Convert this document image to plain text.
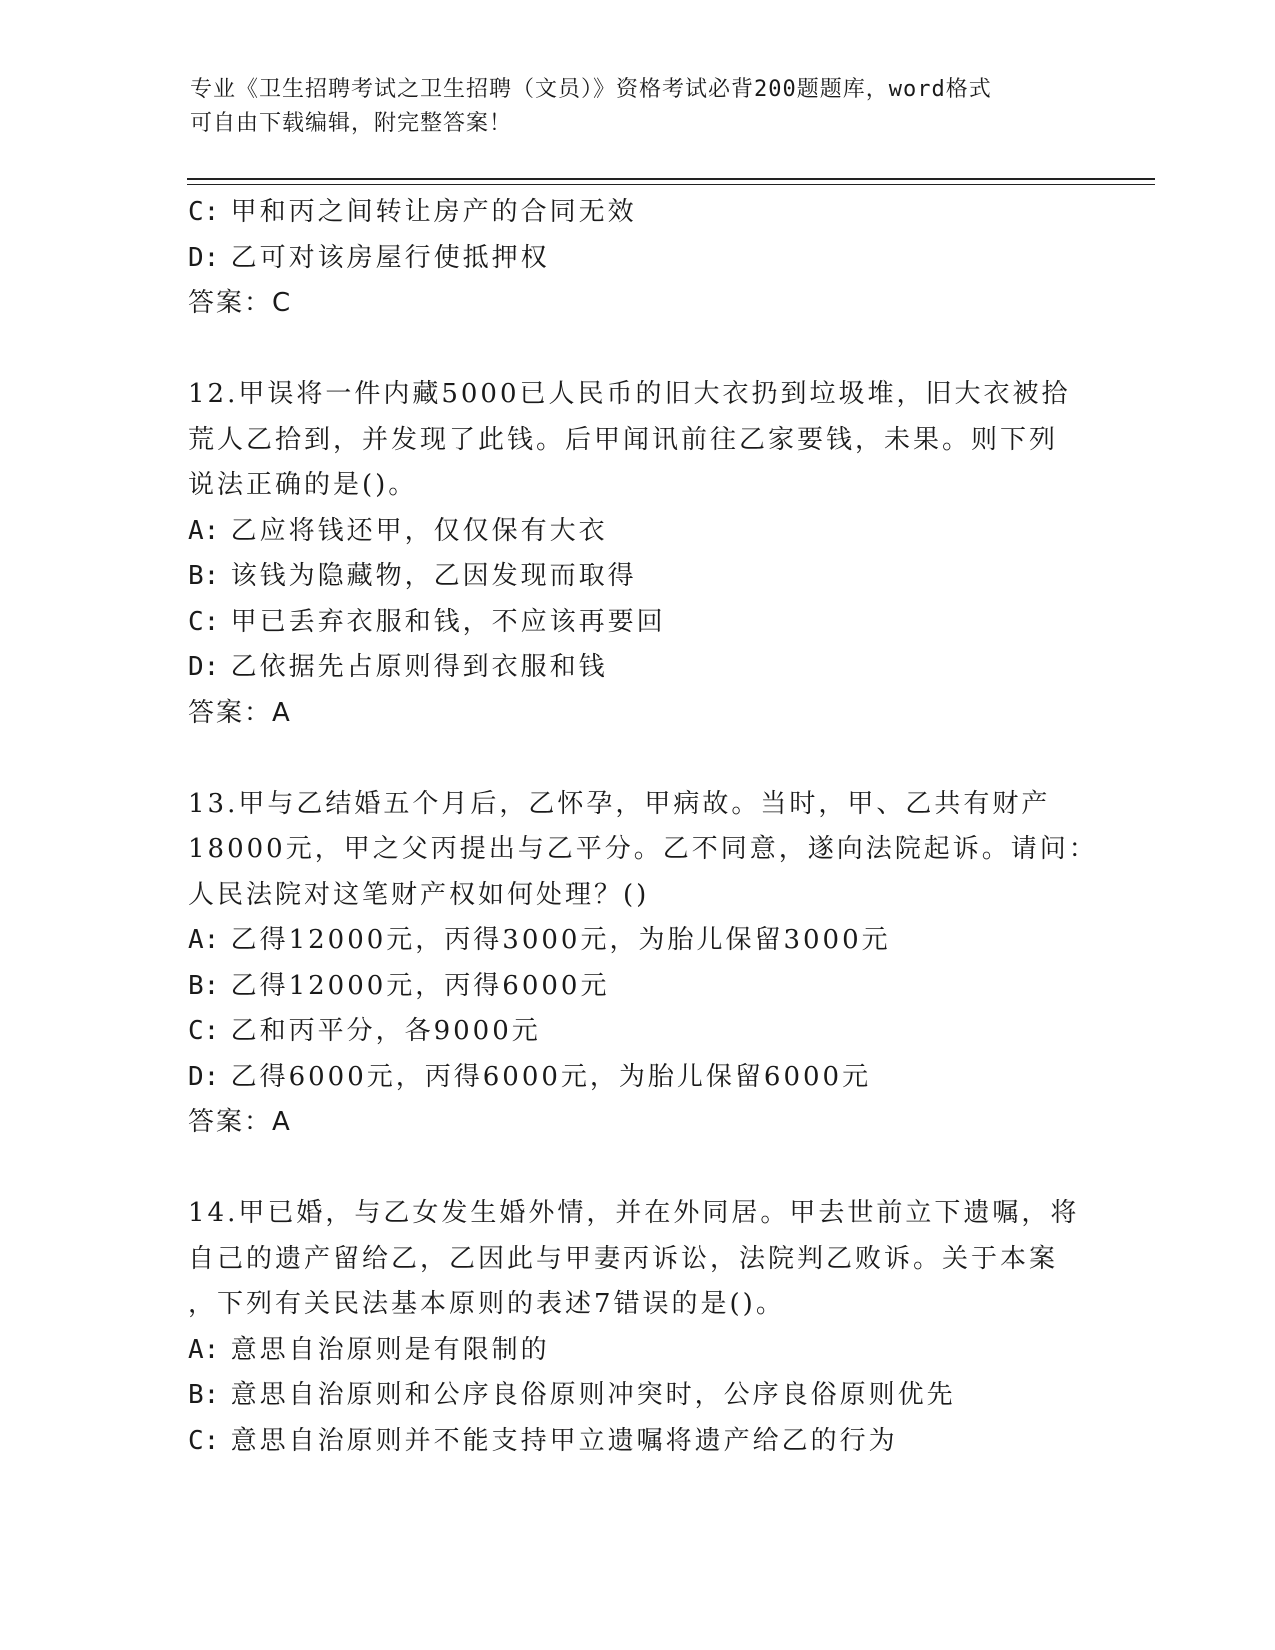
专业《卫生招聘考试之卫生招聘（文员）》资格考试必背200题题库，word格式
可自由下载编辑，附完整答案！
C: 甲和丙之间转让房产的合同无效
D: 乙可对该房屋行使抵押权
答案：C
12.甲误将一件内藏5000已人民币的旧大衣扔到垃圾堆，旧大衣被拾
荒人乙拾到，并发现了此钱。后甲闻讯前往乙家要钱，未果。则下列
说法正确的是()。
A: 乙应将钱还甲，仅仅保有大衣
B: 该钱为隐藏物，乙因发现而取得
C: 甲已丢弃衣服和钱，不应该再要回
D: 乙依据先占原则得到衣服和钱
答案：A
13.甲与乙结婚五个月后，乙怀孕，甲病故。当时，甲、乙共有财产
18000元，甲之父丙提出与乙平分。乙不同意，遂向法院起诉。请问：
人民法院对这笔财产权如何处理？()
A: 乙得12000元，丙得3000元，为胎儿保留3000元
B: 乙得12000元，丙得6000元
C: 乙和丙平分，各9000元
D: 乙得6000元，丙得6000元，为胎儿保留6000元
答案：A
14.甲已婚，与乙女发生婚外情，并在外同居。甲去世前立下遗嘱，将
自己的遗产留给乙，乙因此与甲妻丙诉讼，法院判乙败诉。关于本案
，下列有关民法基本原则的表述7错误的是()。
A: 意思自治原则是有限制的
B: 意思自治原则和公序良俗原则冲突时，公序良俗原则优先
C: 意思自治原则并不能支持甲立遗嘱将遗产给乙的行为
